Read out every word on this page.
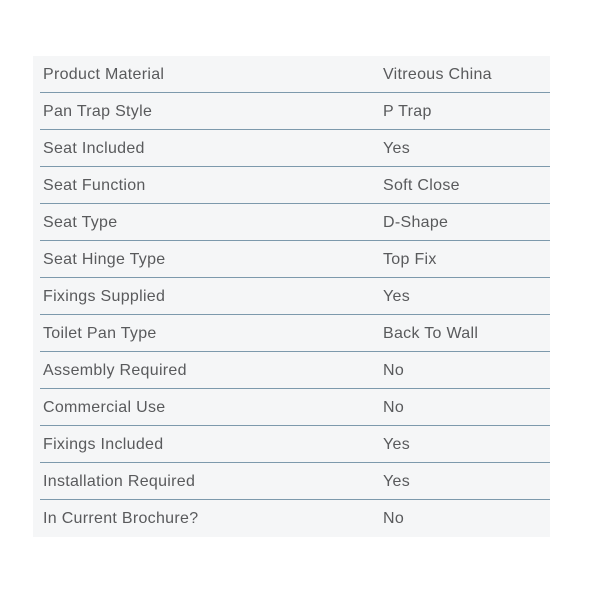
Product Material	Vitreous China
Pan Trap Style	P Trap
Seat Included	Yes
Seat Function	Soft Close
Seat Type	D-Shape
Seat Hinge Type	Top Fix
Fixings Supplied	Yes
Toilet Pan Type	Back To Wall
Assembly Required	No
Commercial Use	No
Fixings Included	Yes
Installation Required	Yes
In Current Brochure?	No
